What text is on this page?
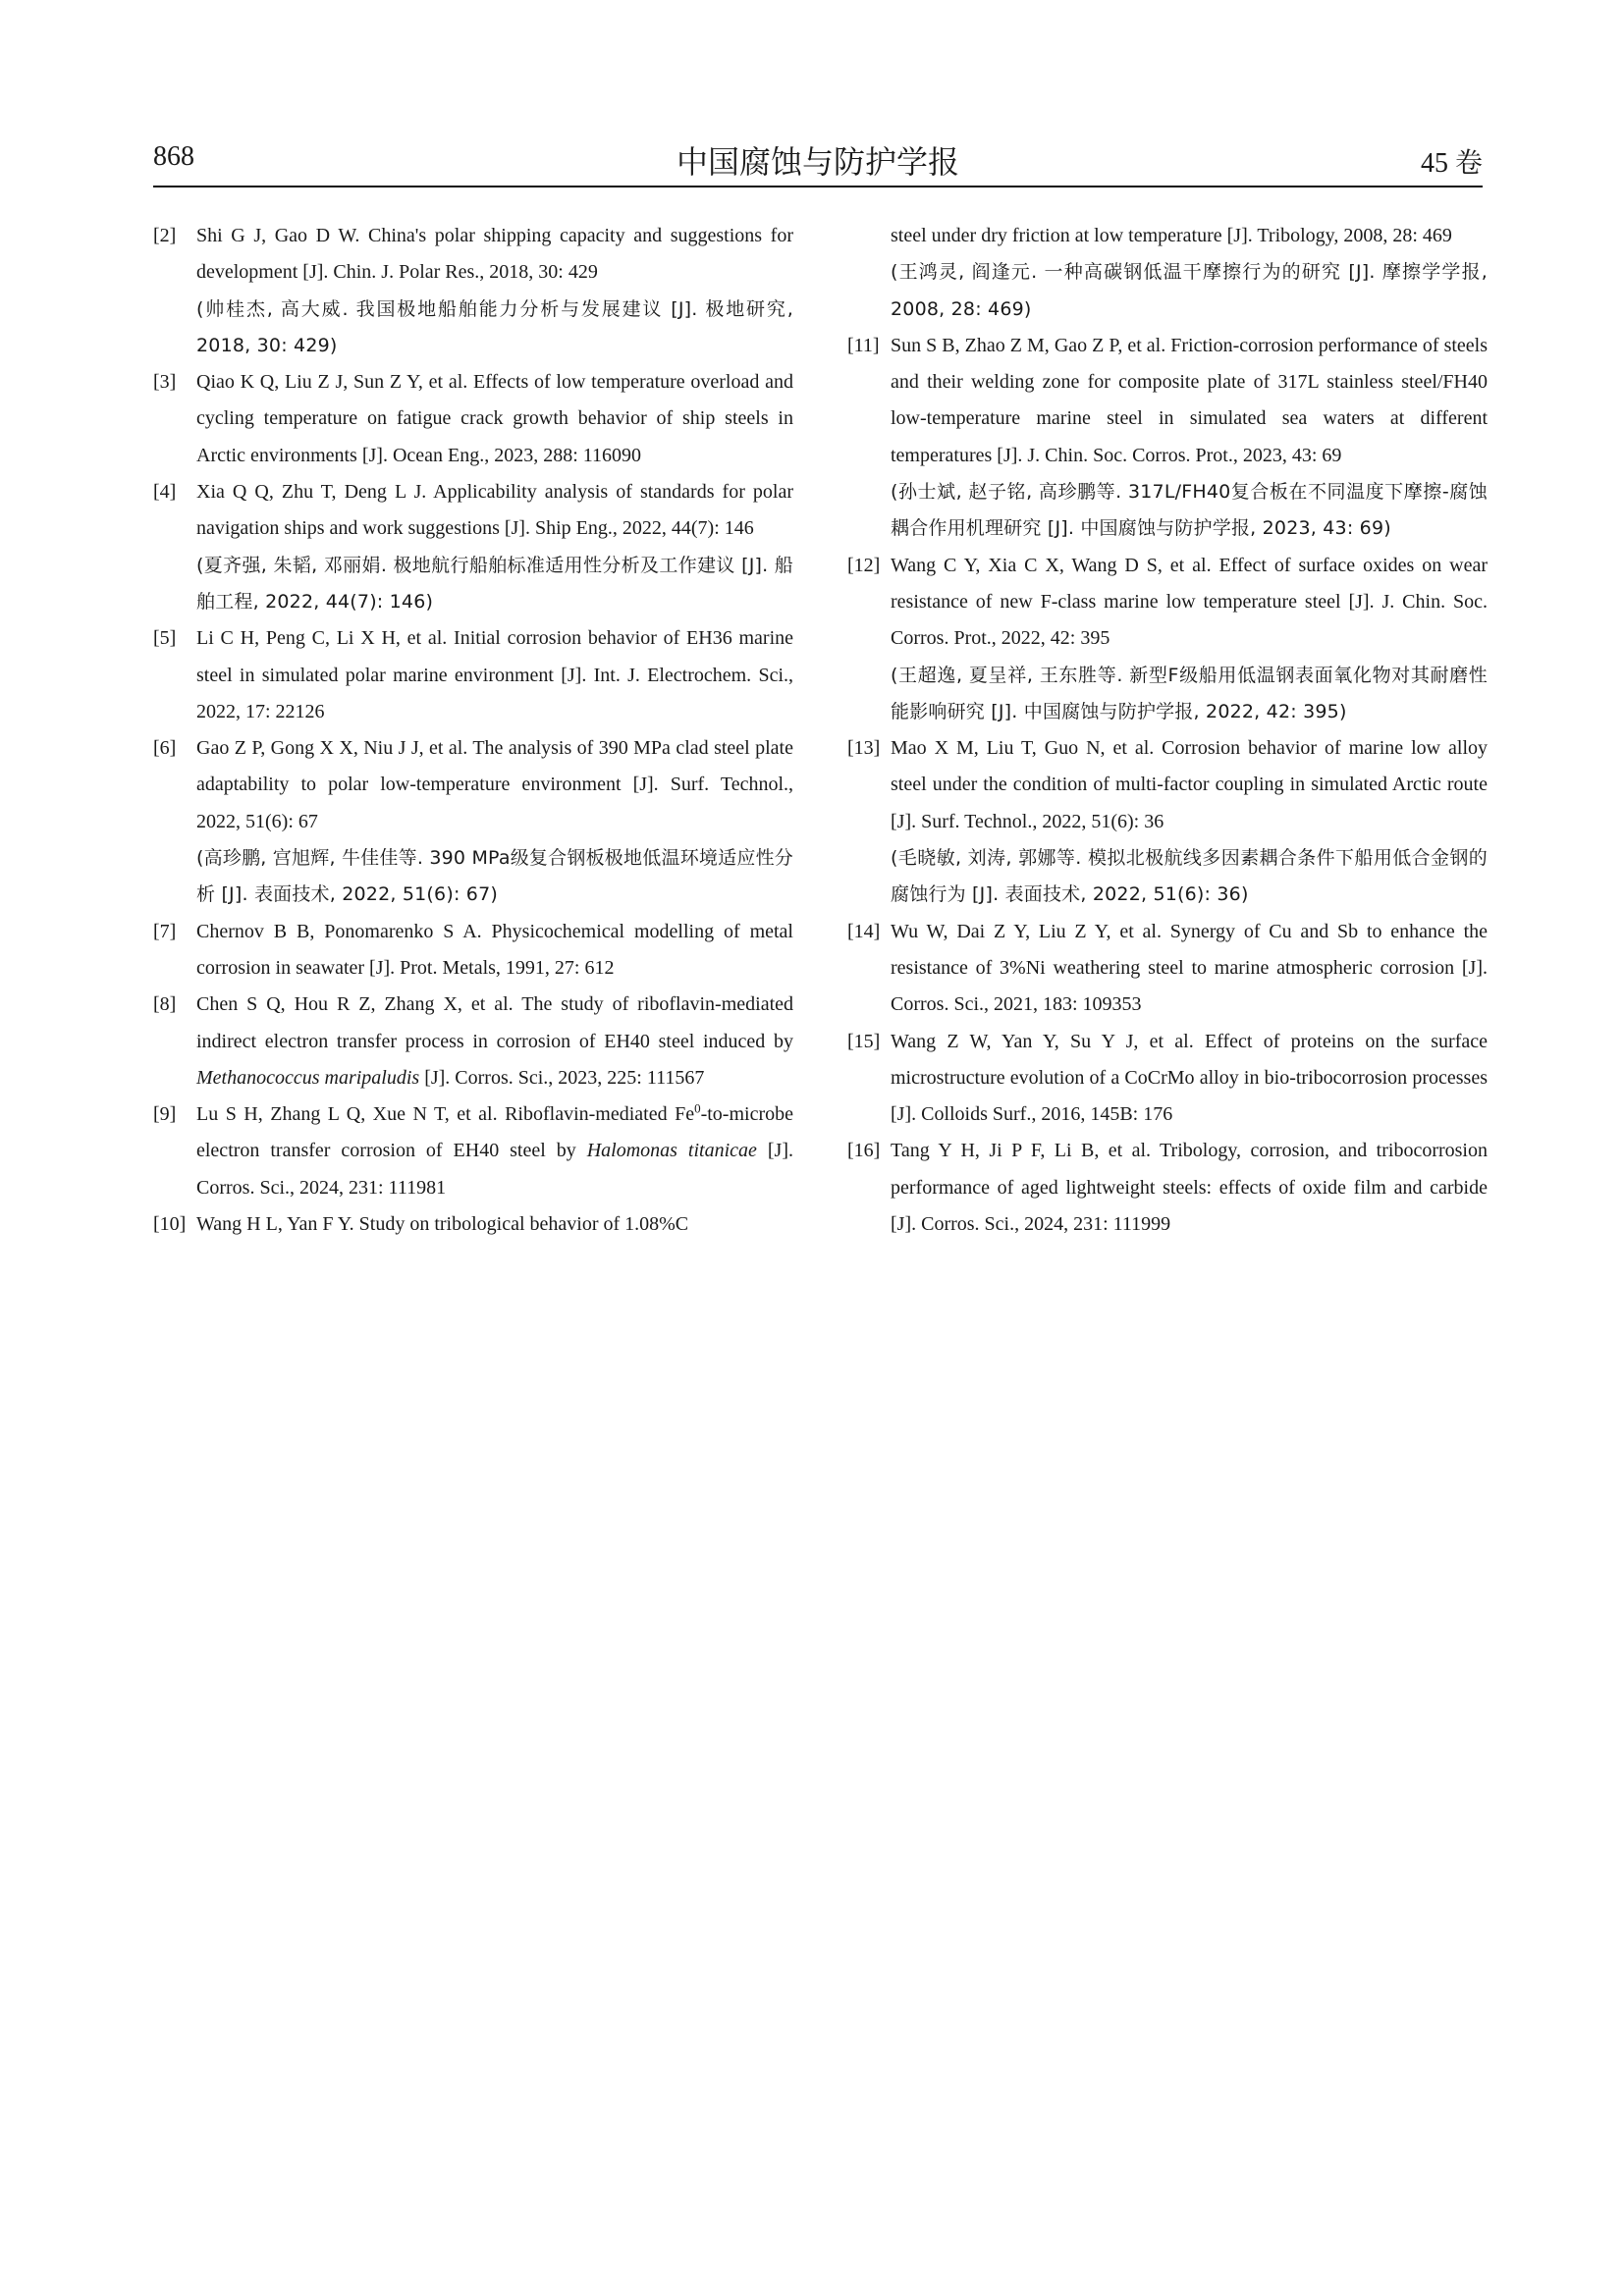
868	中国腐蚀与防护学报	45 卷
[2] Shi G J, Gao D W. China's polar shipping capacity and suggestions for development [J]. Chin. J. Polar Res., 2018, 30: 429
(帅桂杰, 高大威. 我国极地船舶能力分析与发展建议 [J]. 极地研究, 2018, 30: 429)
[3] Qiao K Q, Liu Z J, Sun Z Y, et al. Effects of low temperature overload and cycling temperature on fatigue crack growth behavior of ship steels in Arctic environments [J]. Ocean Eng., 2023, 288: 116090
[4] Xia Q Q, Zhu T, Deng L J. Applicability analysis of standards for polar navigation ships and work suggestions [J]. Ship Eng., 2022, 44(7): 146
(夏齐强, 朱韬, 邓丽娟. 极地航行船舶标准适用性分析及工作建议 [J]. 船舶工程, 2022, 44(7): 146)
[5] Li C H, Peng C, Li X H, et al. Initial corrosion behavior of EH36 marine steel in simulated polar marine environment [J]. Int. J. Electrochem. Sci., 2022, 17: 22126
[6] Gao Z P, Gong X X, Niu J J, et al. The analysis of 390 MPa clad steel plate adaptability to polar low-temperature environment [J]. Surf. Technol., 2022, 51(6): 67
(高珍鹏, 宫旭辉, 牛佳佳等. 390 MPa级复合钢板极地低温环境适应性分析 [J]. 表面技术, 2022, 51(6): 67)
[7] Chernov B B, Ponomarenko S A. Physicochemical modelling of metal corrosion in seawater [J]. Prot. Metals, 1991, 27: 612
[8] Chen S Q, Hou R Z, Zhang X, et al. The study of riboflavin-mediated indirect electron transfer process in corrosion of EH40 steel induced by Methanococcus maripaludis [J]. Corros. Sci., 2023, 225: 111567
[9] Lu S H, Zhang L Q, Xue N T, et al. Riboflavin-mediated Fe$^0$-to-microbe electron transfer corrosion of EH40 steel by Halomonas titanicae [J]. Corros. Sci., 2024, 231: 111981
[10] Wang H L, Yan F Y. Study on tribological behavior of 1.08%C
steel under dry friction at low temperature [J]. Tribology, 2008, 28: 469
(王鸿灵, 阎逢元. 一种高碳钢低温干摩擦行为的研究 [J]. 摩擦学学报, 2008, 28: 469)
[11] Sun S B, Zhao Z M, Gao Z P, et al. Friction-corrosion performance of steels and their welding zone for composite plate of 317L stainless steel/FH40 low-temperature marine steel in simulated sea waters at different temperatures [J]. J. Chin. Soc. Corros. Prot., 2023, 43: 69
(孙士斌, 赵子铭, 高珍鹏等. 317L/FH40复合板在不同温度下摩擦-腐蚀耦合作用机理研究 [J]. 中国腐蚀与防护学报, 2023, 43: 69)
[12] Wang C Y, Xia C X, Wang D S, et al. Effect of surface oxides on wear resistance of new F-class marine low temperature steel [J]. J. Chin. Soc. Corros. Prot., 2022, 42: 395
(王超逸, 夏呈祥, 王东胜等. 新型F级船用低温钢表面氧化物对其耐磨性能影响研究 [J]. 中国腐蚀与防护学报, 2022, 42: 395)
[13] Mao X M, Liu T, Guo N, et al. Corrosion behavior of marine low alloy steel under the condition of multi-factor coupling in simulated Arctic route [J]. Surf. Technol., 2022, 51(6): 36
(毛晓敏, 刘涛, 郭娜等. 模拟北极航线多因素耦合条件下船用低合金钢的腐蚀行为 [J]. 表面技术, 2022, 51(6): 36)
[14] Wu W, Dai Z Y, Liu Z Y, et al. Synergy of Cu and Sb to enhance the resistance of 3%Ni weathering steel to marine atmospheric corrosion [J]. Corros. Sci., 2021, 183: 109353
[15] Wang Z W, Yan Y, Su Y J, et al. Effect of proteins on the surface microstructure evolution of a CoCrMo alloy in bio-tribocorrosion processes [J]. Colloids Surf., 2016, 145B: 176
[16] Tang Y H, Ji P F, Li B, et al. Tribology, corrosion, and tribocorrosion performance of aged lightweight steels: effects of oxide film and carbide [J]. Corros. Sci., 2024, 231: 111999
